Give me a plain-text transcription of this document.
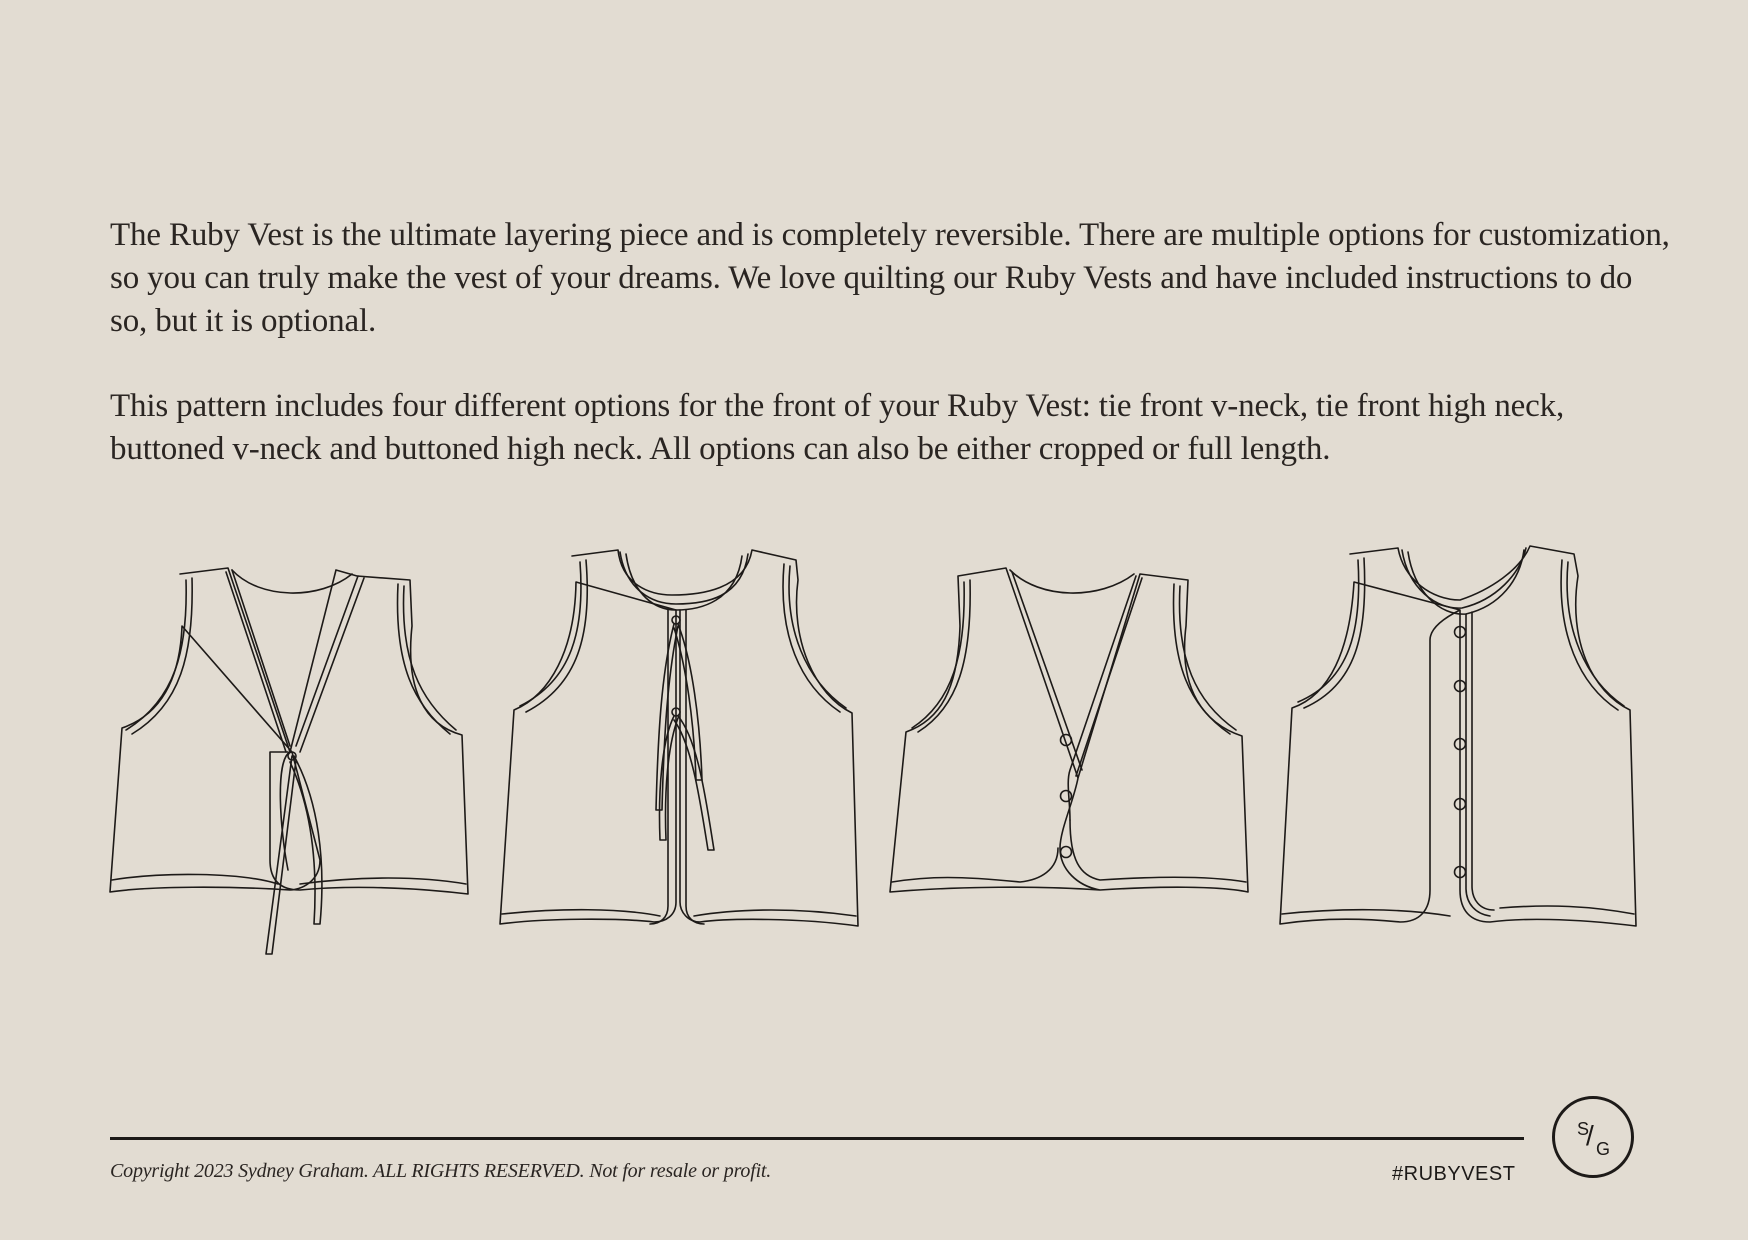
The Ruby Vest is the ultimate layering piece and is completely reversible. There are multiple options for customization, so you can truly make the vest of your dreams. We love quilting our Ruby Vests and have included instructions to do so, but it is optional.

This pattern includes four different options for the front of your Ruby Vest: tie front v-neck, tie front high neck, buttoned v-neck and buttoned high neck. All options can also be either cropped or full length.

Copyright 2023 Sydney Graham. ALL RIGHTS RESERVED. Not for resale or profit.	#RUBYVEST
S
/ G
